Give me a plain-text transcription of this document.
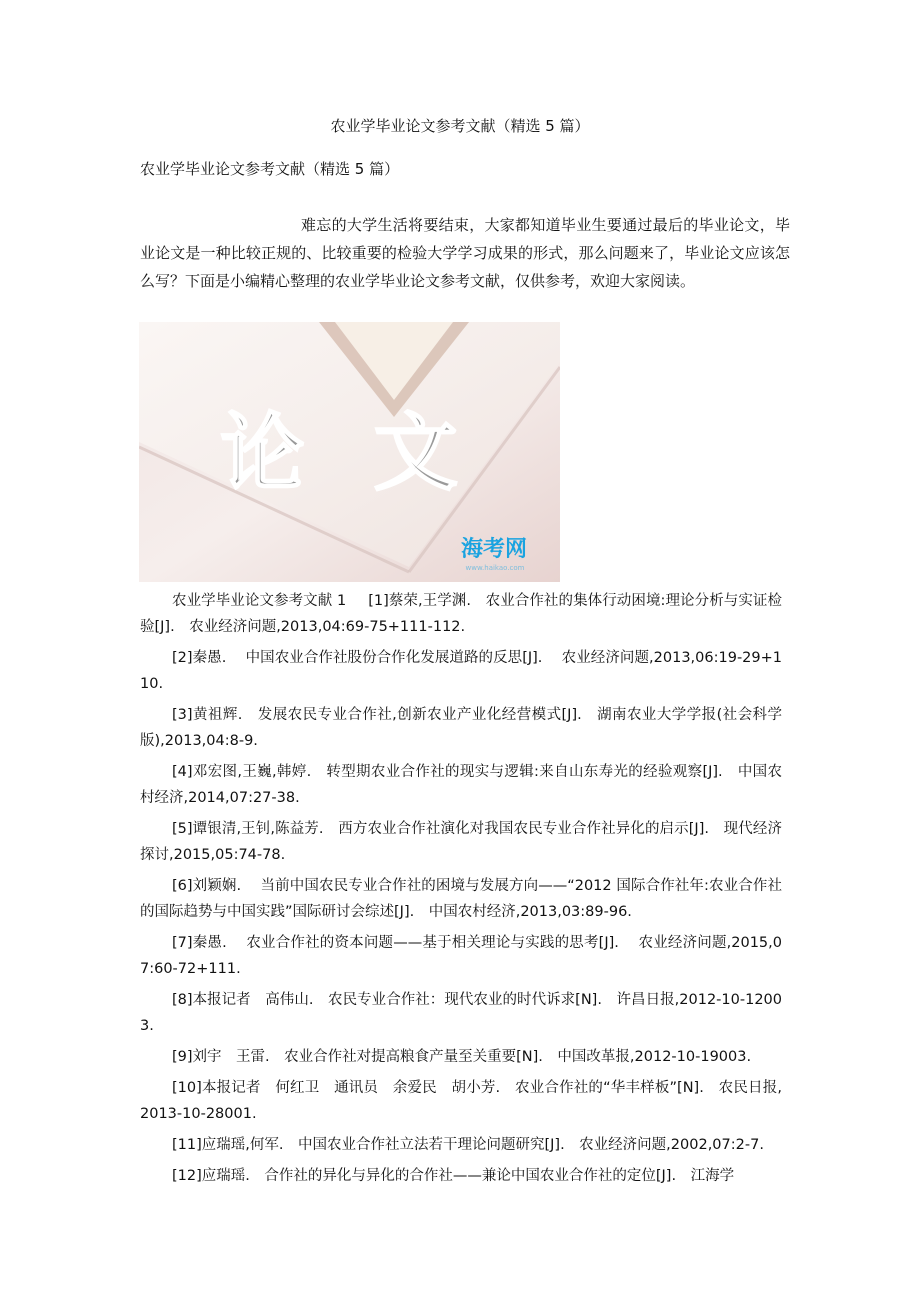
农业学毕业论文参考文献（精选 5 篇）
农业学毕业论文参考文献（精选 5 篇）

难忘的大学生活将要结束，大家都知道毕业生要通过最后的毕业论文，毕业论文是一种比较正规的、比较重要的检验大学学习成果的形式，那么问题来了，毕业论文应该怎么写？下面是小编精心整理的农业学毕业论文参考文献，仅供参考，欢迎大家阅读。

论 文
海考网
www.haikao.com

农业学毕业论文参考文献 1 [1]蔡荣,王学渊.　农业合作社的集体行动困境:理论分析与实证检验[J].　农业经济问题,2013,04:69-75+111-112.

[2]秦愚.　 中国农业合作社股份合作化发展道路的反思[J].　 农业经济问题,2013,06:19-29+110.

[3]黄祖辉.　发展农民专业合作社,创新农业产业化经营模式[J].　湖南农业大学学报(社会科学版),2013,04:8-9.

[4]邓宏图,王巍,韩婷.　转型期农业合作社的现实与逻辑:来自山东寿光的经验观察[J].　中国农村经济,2014,07:27-38.

[5]谭银清,王钊,陈益芳.　西方农业合作社演化对我国农民专业合作社异化的启示[J].　现代经济探讨,2015,05:74-78.

[6]刘颖娴.　 当前中国农民专业合作社的困境与发展方向——“2012 国际合作社年:农业合作社的国际趋势与中国实践”国际研讨会综述[J].　中国农村经济,2013,03:89-96.

[7]秦愚.　 农业合作社的资本问题——基于相关理论与实践的思考[J].　 农业经济问题,2015,07:60-72+111.

[8]本报记者　高伟山.　农民专业合作社：现代农业的时代诉求[N].　许昌日报,2012-10-12003.

[9]刘宇　王雷.　农业合作社对提高粮食产量至关重要[N].　中国改革报,2012-10-19003.

[10]本报记者　何红卫　通讯员　余爱民　胡小芳.　农业合作社的“华丰样板”[N].　农民日报,2013-10-28001.

[11]应瑞瑶,何军.　中国农业合作社立法若干理论问题研究[J].　农业经济问题,2002,07:2-7.

[12]应瑞瑶.　合作社的异化与异化的合作社——兼论中国农业合作社的定位[J].　江海学
